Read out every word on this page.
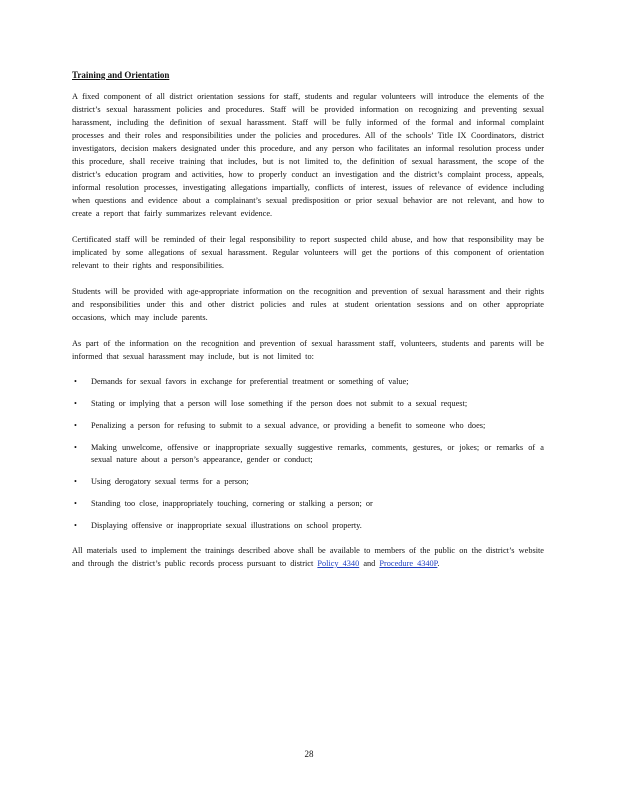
Training and Orientation

A fixed component of all district orientation sessions for staff, students and regular volunteers will introduce the elements of the district’s sexual harassment policies and procedures. Staff will be provided information on recognizing and preventing sexual harassment, including the definition of sexual harassment. Staff will be fully informed of the formal and informal complaint processes and their roles and responsibilities under the policies and procedures. All of the schools’ Title IX Coordinators, district investigators, decision makers designated under this procedure, and any person who facilitates an informal resolution process under this procedure, shall receive training that includes, but is not limited to, the definition of sexual harassment, the scope of the district’s education program and activities, how to properly conduct an investigation and the district’s complaint process, appeals, informal resolution processes, investigating allegations impartially, conflicts of interest, issues of relevance of evidence including when questions and evidence about a complainant’s sexual predisposition or prior sexual behavior are not relevant, and how to create a report that fairly summarizes relevant evidence.

Certificated staff will be reminded of their legal responsibility to report suspected child abuse, and how that responsibility may be implicated by some allegations of sexual harassment. Regular volunteers will get the portions of this component of orientation relevant to their rights and responsibilities.

Students will be provided with age-appropriate information on the recognition and prevention of sexual harassment and their rights and responsibilities under this and other district policies and rules at student orientation sessions and on other appropriate occasions, which may include parents.

As part of the information on the recognition and prevention of sexual harassment staff, volunteers, students and parents will be informed that sexual harassment may include, but is not limited to:

• Demands for sexual favors in exchange for preferential treatment or something of value;
• Stating or implying that a person will lose something if the person does not submit to a sexual request;
• Penalizing a person for refusing to submit to a sexual advance, or providing a benefit to someone who does;
• Making unwelcome, offensive or inappropriate sexually suggestive remarks, comments, gestures, or jokes; or remarks of a sexual nature about a person’s appearance, gender or conduct;
• Using derogatory sexual terms for a person;
• Standing too close, inappropriately touching, cornering or stalking a person; or
• Displaying offensive or inappropriate sexual illustrations on school property.

All materials used to implement the trainings described above shall be available to members of the public on the district’s website and through the district’s public records process pursuant to district Policy 4340 and Procedure 4340P.

28
